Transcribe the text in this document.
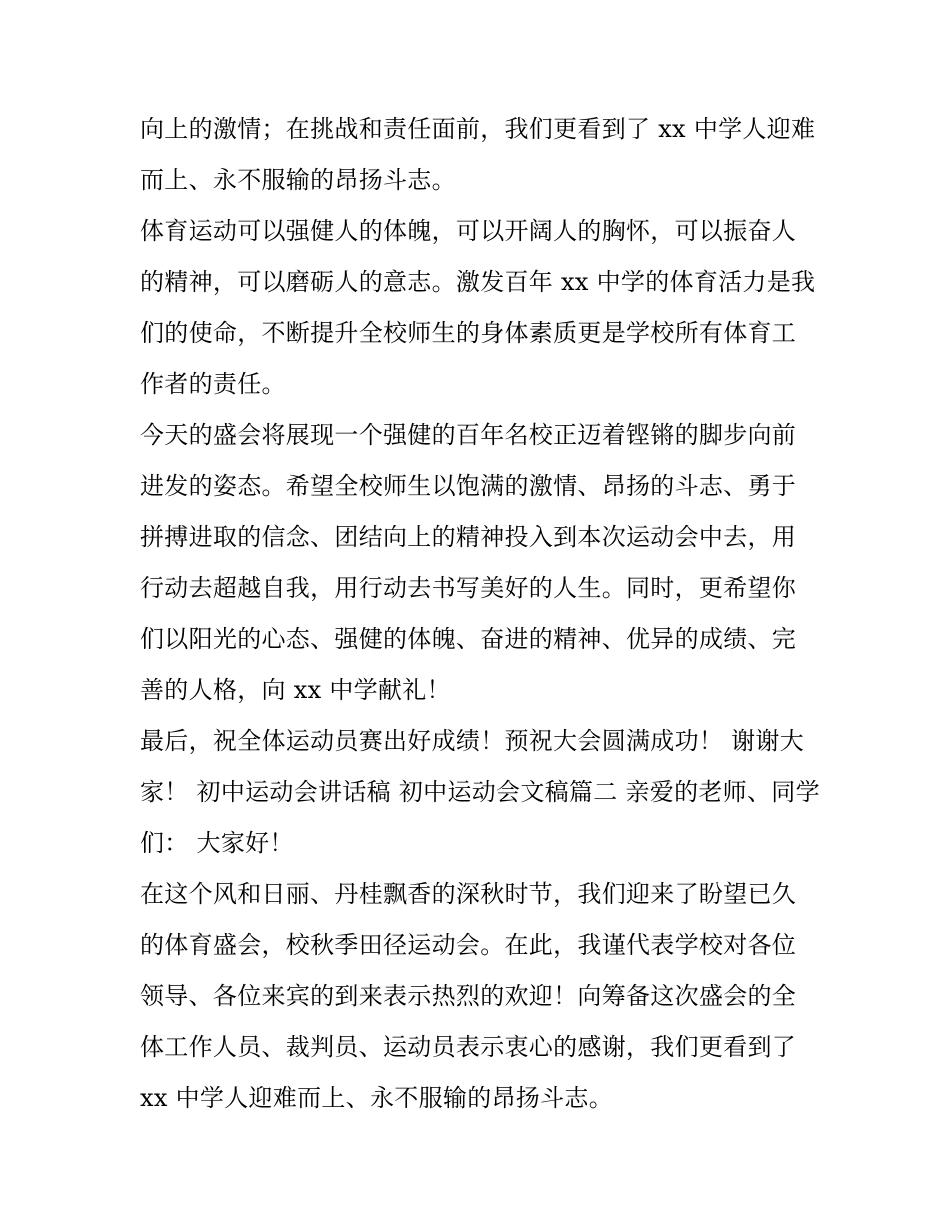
向上的激情；在挑战和责任面前，我们更看到了 xx 中学人迎难而上、永不服输的昂扬斗志。

体育运动可以强健人的体魄，可以开阔人的胸怀，可以振奋人的精神，可以磨砺人的意志。激发百年 xx 中学的体育活力是我们的使命，不断提升全校师生的身体素质更是学校所有体育工作者的责任。

今天的盛会将展现一个强健的百年名校正迈着铿锵的脚步向前进发的姿态。希望全校师生以饱满的激情、昂扬的斗志、勇于拼搏进取的信念、团结向上的精神投入到本次运动会中去，用行动去超越自我，用行动去书写美好的人生。同时，更希望你们以阳光的心态、强健的体魄、奋进的精神、优异的成绩、完善的人格，向 xx 中学献礼！

最后，祝全体运动员赛出好成绩！预祝大会圆满成功！ 谢谢大家！ 初中运动会讲话稿 初中运动会文稿篇二 亲爱的老师、同学们： 大家好！

在这个风和日丽、丹桂飘香的深秋时节，我们迎来了盼望已久的体育盛会，校秋季田径运动会。在此，我谨代表学校对各位领导、各位来宾的到来表示热烈的欢迎！向筹备这次盛会的全体工作人员、裁判员、运动员表示衷心的感谢，我们更看到了 xx 中学人迎难而上、永不服输的昂扬斗志。
